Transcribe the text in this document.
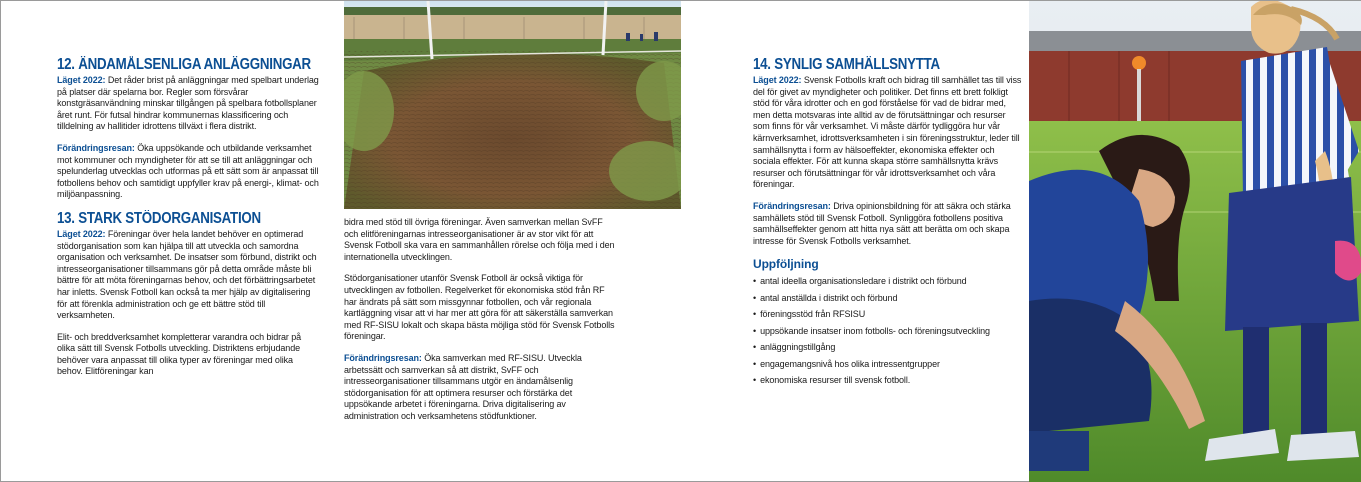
12. ÄNDAMÅLSENLIGA ANLÄGGNINGAR

Läget 2022: Det råder brist på anläggningar med spelbart underlag på platser där spelarna bor. Regler som försvårar konstgräsanvändning minskar tillgången på spelbara fotbollsplaner året runt. För futsal hindrar kommunernas klassificering och tilldelning av hallitider idrottens tillväxt i flera distrikt.

Förändringsresan: Öka uppsökande och utbildande verksamhet mot kommuner och myndigheter för att se till att anläggningar och spelunderlag utvecklas och utformas på ett sätt som är anpassat till fotbollens behov och samtidigt uppfyller krav på energi-, klimat- och miljöanpassning.

13. STARK STÖDORGANISATION

Läget 2022: Föreningar över hela landet behöver en optimerad stödorganisation som kan hjälpa till att utveckla och samordna organisation och verksamhet. De insatser som förbund, distrikt och intresseorganisationer tillsammans gör på detta område måste bli bättre för att möta föreningarnas behov, och det förbättringsarbetet har inletts. Svensk Fotboll kan också ta mer hjälp av digitalisering för att förenkla administration och ge ett bättre stöd till verksamheten.

Elit- och breddverksamhet kompletterar varandra och bidrar på olika sätt till Svensk Fotbolls utveckling. Distriktens erbjudande behöver vara anpassat till olika typer av föreningar med olika behov. Elitföreningar kan

bidra med stöd till övriga föreningar. Även samverkan mellan SvFF och elitföreningarnas intresseorganisationer är av stor vikt för att Svensk Fotboll ska vara en sammanhållen rörelse och följa med i den internationella utvecklingen.

Stödorganisationer utanför Svensk Fotboll är också viktiga för utvecklingen av fotbollen. Regelverket för ekonomiska stöd från RF har ändrats på sätt som missgynnar fotbollen, och vår regionala kartläggning visar att vi har mer att göra för att säkerställa samverkan med RF-SISU lokalt och skapa bästa möjliga stöd för Svensk Fotbolls föreningar.

Förändringsresan: Öka samverkan med RF-SISU. Utveckla arbetssätt och samverkan så att distrikt, SvFF och intresseorganisationer tillsammans utgör en ändamålsenlig stödorganisation för att optimera resurser och förstärka det uppsökande arbetet i föreningarna. Driva digitalisering av administration och verksamhetens stödfunktioner.

14. SYNLIG SAMHÄLLSNYTTA

Läget 2022: Svensk Fotbolls kraft och bidrag till samhället tas till viss del för givet av myndigheter och politiker. Det finns ett brett folkligt stöd för våra idrotter och en god förståelse för vad de bidrar med, men detta motsvaras inte alltid av de förutsättningar och resurser som finns för vår verksamhet. Vi måste därför tydliggöra hur vår kärnverksamhet, idrottsverksamheten i sin föreningsstruktur, leder till samhällsnytta i form av hälsoeffekter, ekonomiska effekter och sociala effekter. För att kunna skapa större samhällsnytta krävs resurser och förutsättningar för vår idrottsverksamhet och våra föreningar.

Förändringsresan: Driva opinionsbildning för att säkra och stärka samhällets stöd till Svensk Fotboll. Synliggöra fotbollens positiva samhällseffekter genom att hitta nya sätt att berätta om och skapa intresse för Svensk Fotbolls verksamhet.

Uppföljning
• antal ideella organisationsledare i distrikt och förbund
• antal anställda i distrikt och förbund
• föreningsstöd från RFSISU
• uppsökande insatser inom fotbolls- och föreningsutveckling
• anläggningstillgång
• engagemangsnivå hos olika intressentgrupper
• ekonomiska resurser till svensk fotboll.
